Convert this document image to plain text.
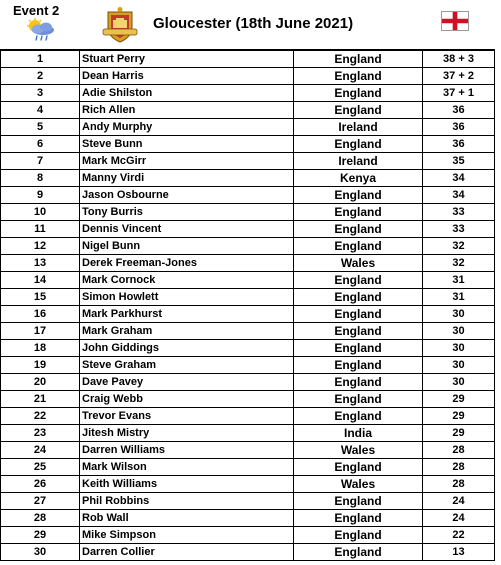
Event 2
Gloucester (18th June 2021)
1	Stuart Perry	England	38 + 3
2	Dean Harris	England	37 + 2
3	Adie Shilston	England	37 + 1
4	Rich Allen	England	36
5	Andy Murphy	Ireland	36
6	Steve Bunn	England	36
7	Mark McGirr	Ireland	35
8	Manny Virdi	Kenya	34
9	Jason Osbourne	England	34
10	Tony Burris	England	33
11	Dennis Vincent	England	33
12	Nigel Bunn	England	32
13	Derek Freeman-Jones	Wales	32
14	Mark Cornock	England	31
15	Simon Howlett	England	31
16	Mark Parkhurst	England	30
17	Mark Graham	England	30
18	John Giddings	England	30
19	Steve Graham	England	30
20	Dave Pavey	England	30
21	Craig Webb	England	29
22	Trevor Evans	England	29
23	Jitesh Mistry	India	29
24	Darren Williams	Wales	28
25	Mark Wilson	England	28
26	Keith Williams	Wales	28
27	Phil Robbins	England	24
28	Rob Wall	England	24
29	Mike Simpson	England	22
30	Darren Collier	England	13
